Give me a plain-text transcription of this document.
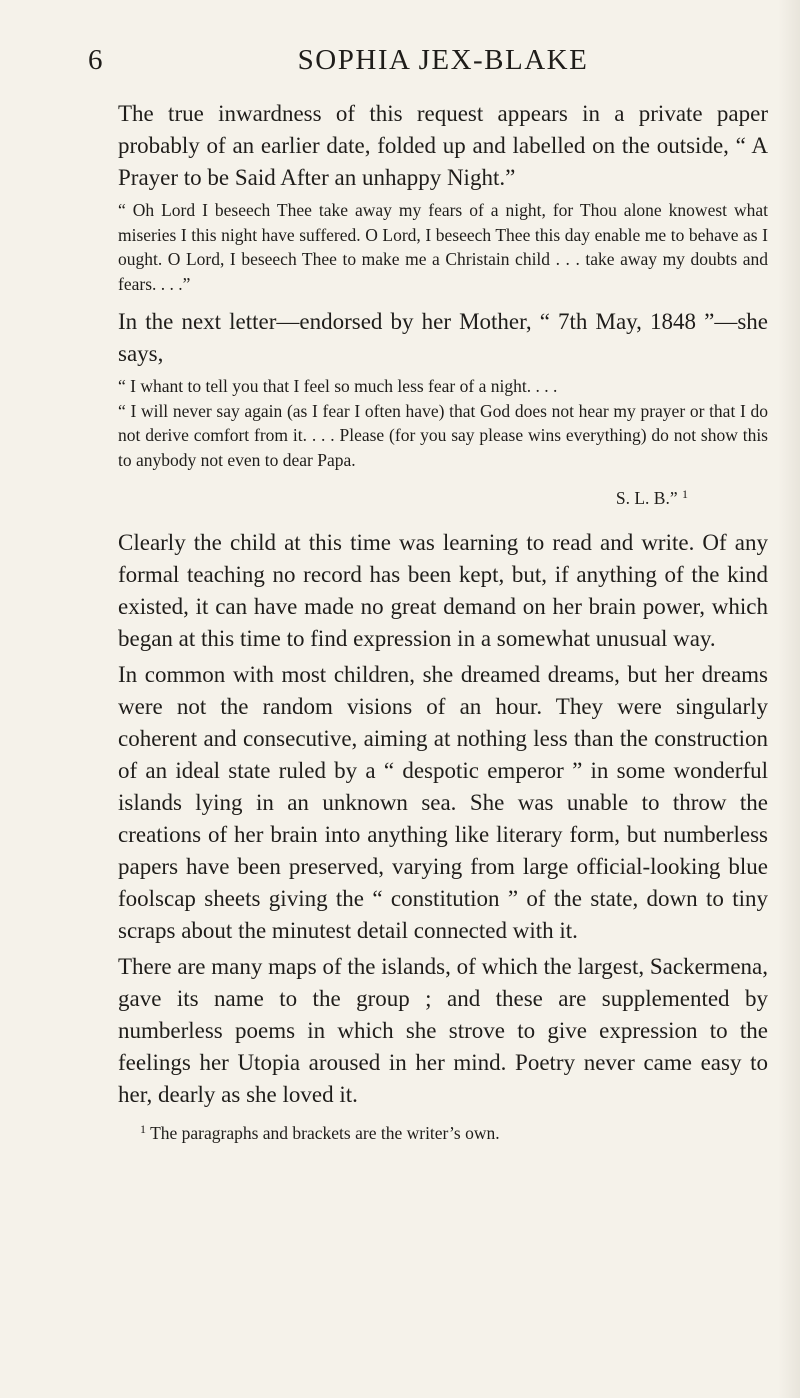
6	SOPHIA JEX-BLAKE

The true inwardness of this request appears in a private paper probably of an earlier date, folded up and labelled on the outside, “ A Prayer to be Said After an unhappy Night.”

“ Oh Lord I beseech Thee take away my fears of a night, for Thou alone knowest what miseries I this night have suffered. O Lord, I beseech Thee this day enable me to behave as I ought. O Lord, I beseech Thee to make me a Christain child . . . take away my doubts and fears. . . .”

In the next letter—endorsed by her Mother, “ 7th May, 1848 ”—she says,

“ I whant to tell you that I feel so much less fear of a night. . . .

“ I will never say again (as I fear I often have) that God does not hear my prayer or that I do not derive comfort from it. . . . Please (for you say please wins everything) do not show this to anybody not even to dear Papa.

S. L. B.” $^1$

Clearly the child at this time was learning to read and write. Of any formal teaching no record has been kept, but, if anything of the kind existed, it can have made no great demand on her brain power, which began at this time to find expression in a somewhat unusual way.

In common with most children, she dreamed dreams, but her dreams were not the random visions of an hour. They were singularly coherent and consecutive, aiming at nothing less than the construction of an ideal state ruled by a “ despotic emperor ” in some wonderful islands lying in an unknown sea. She was unable to throw the creations of her brain into anything like literary form, but numberless papers have been preserved, varying from large official-looking blue foolscap sheets giving the “ constitution ” of the state, down to tiny scraps about the minutest detail connected with it.

There are many maps of the islands, of which the largest, Sackermena, gave its name to the group ; and these are supplemented by numberless poems in which she strove to give expression to the feelings her Utopia aroused in her mind. Poetry never came easy to her, dearly as she loved it.

$^1$ The paragraphs and brackets are the writer’s own.
